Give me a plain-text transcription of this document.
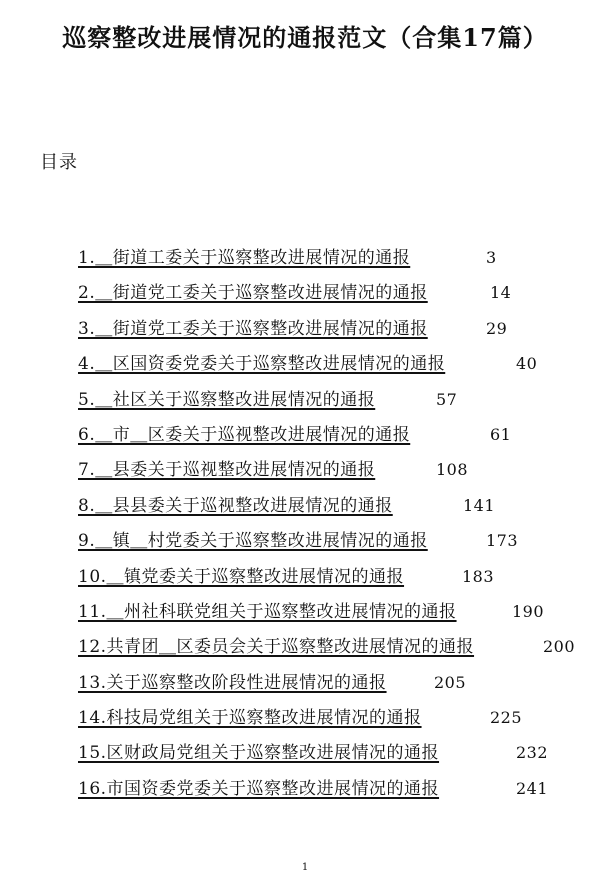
巡察整改进展情况的通报范文（合集17篇）
目录
1.＿街道工委关于巡察整改进展情况的通报	3
2.＿街道党工委关于巡察整改进展情况的通报	14
3.＿街道党工委关于巡察整改进展情况的通报	29
4.＿区国资委党委关于巡察整改进展情况的通报	40
5.＿社区关于巡察整改进展情况的通报	57
6.＿市＿区委关于巡视整改进展情况的通报	61
7.＿县委关于巡视整改进展情况的通报	108
8.＿县县委关于巡视整改进展情况的通报	141
9.＿镇＿村党委关于巡察整改进展情况的通报	173
10.＿镇党委关于巡察整改进展情况的通报	183
11.＿州社科联党组关于巡察整改进展情况的通报	190
12.共青团＿区委员会关于巡察整改进展情况的通报	200
13.关于巡察整改阶段性进展情况的通报	205
14.科技局党组关于巡察整改进展情况的通报	225
15.区财政局党组关于巡察整改进展情况的通报	232
16.市国资委党委关于巡察整改进展情况的通报	241
1
